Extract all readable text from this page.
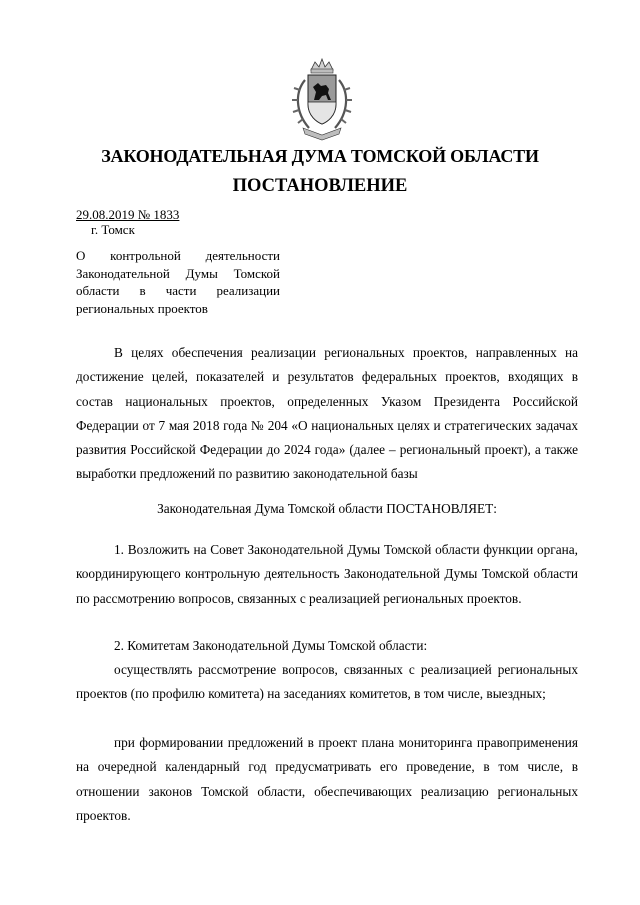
ЗАКОНОДАТЕЛЬНАЯ ДУМА ТОМСКОЙ ОБЛАСТИ
ПОСТАНОВЛЕНИЕ
29.08.2019 № 1833
г. Томск

О контрольной деятельности Законодательной Думы Томской области в части реализации региональных проектов

В целях обеспечения реализации региональных проектов, направленных на достижение целей, показателей и результатов федеральных проектов, входящих в состав национальных проектов, определенных Указом Президента Российской Федерации от 7 мая 2018 года № 204 «О национальных целях и стратегических задачах развития Российской Федерации до 2024 года» (далее – региональный проект), а также выработки предложений по развитию законодательной базы

Законодательная Дума Томской области ПОСТАНОВЛЯЕТ:

1. Возложить на Совет Законодательной Думы Томской области функции органа, координирующего контрольную деятельность Законодательной Думы Томской области по рассмотрению вопросов, связанных с реализацией региональных проектов.

2. Комитетам Законодательной Думы Томской области:

осуществлять рассмотрение вопросов, связанных с реализацией региональных проектов (по профилю комитета) на заседаниях комитетов, в том числе, выездных;

при формировании предложений в проект плана мониторинга правоприменения на очередной календарный год предусматривать его проведение, в том числе, в отношении законов Томской области, обеспечивающих реализацию региональных проектов.
